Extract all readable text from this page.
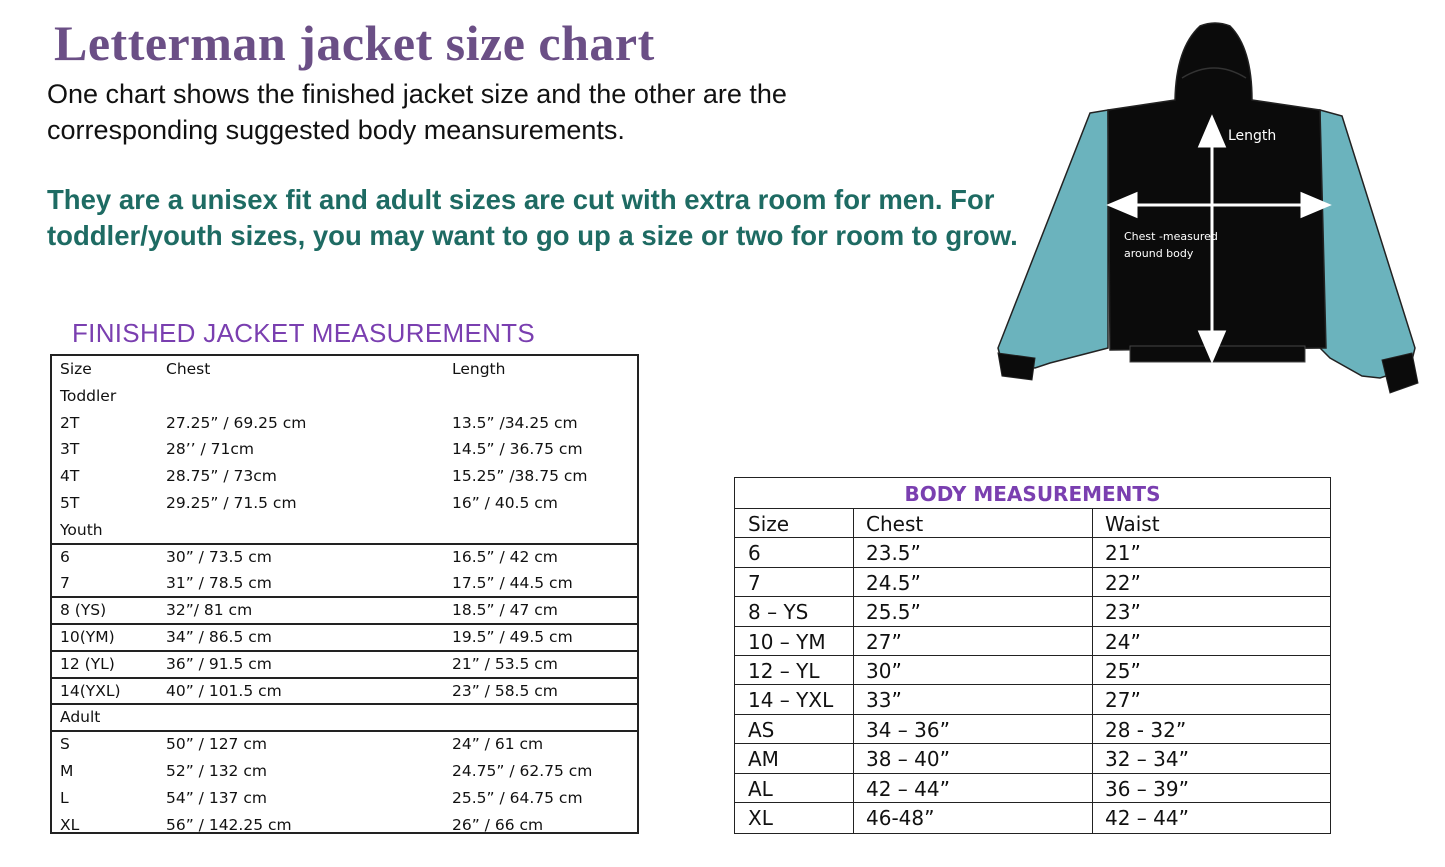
Letterman jacket size chart
One chart shows the finished jacket size and the other are the corresponding suggested body meansurements.
They are a unisex fit and adult sizes are cut with extra room for men. For toddler/youth sizes, you may want to go up a size or two for room to grow.
Length
Chest -measured
around body
FINISHED JACKET MEASUREMENTS
Size	Chest	Length
Toddler
2T	27.25” / 69.25 cm	13.5” /34.25 cm
3T	28’’ / 71cm	14.5” / 36.75 cm
4T	28.75” / 73cm	15.25” /38.75 cm
5T	29.25” / 71.5 cm	16” / 40.5 cm
Youth
6	30” / 73.5 cm	16.5” / 42 cm
7	31” / 78.5 cm	17.5” / 44.5 cm
8 (YS)	32”/ 81 cm	18.5” / 47 cm
10(YM)	34” / 86.5 cm	19.5” / 49.5 cm
12 (YL)	36” / 91.5 cm	21” / 53.5 cm
14(YXL)	40” / 101.5 cm	23” / 58.5 cm
Adult
S	50” / 127 cm	24” / 61 cm
M	52” / 132 cm	24.75” / 62.75 cm
L	54” / 137 cm	25.5” / 64.75 cm
XL	56” / 142.25 cm	26” / 66 cm
BODY MEASUREMENTS
Size	Chest	Waist
6	23.5”	21”
7	24.5”	22”
8 – YS	25.5”	23”
10 – YM 27”	24”
12 – YL 30”	25”
14 – YXL 33”	27”
AS	34 – 36”	28 - 32”
AM	38 – 40”	32 – 34”
AL	42 – 44”	36 – 39”
XL	46-48”	42 – 44”
